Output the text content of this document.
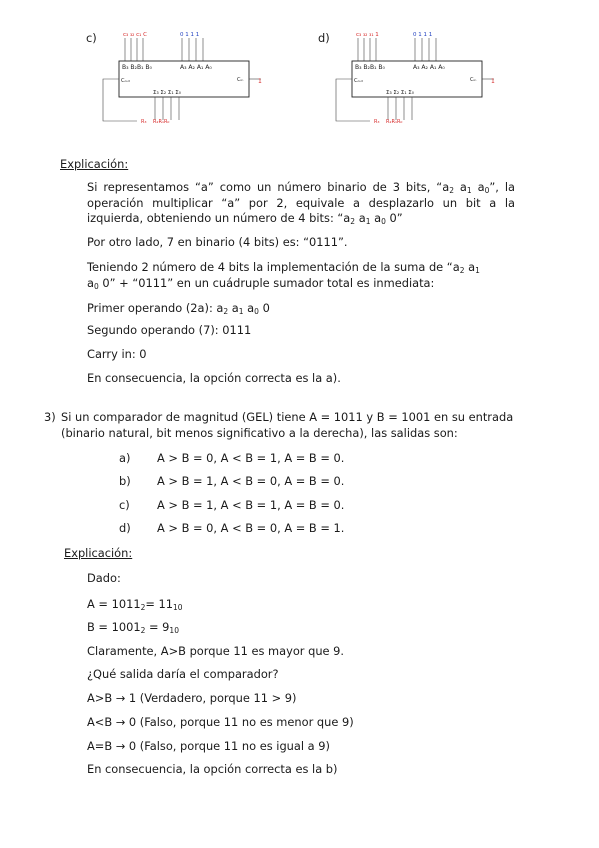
c)	c₃ ₃₂ c₁ C	0 1 1 1
B₃ B₂B₁ B₀	A₃ A₂ A₁ A₀
Cₒᵤₜ	Cᵢₙ
Σ₃ Σ₂ Σ₁ Σ₀
1
R₃ R₂R₁R₀
d)	c₃ ₃₂ ₃₁ 1	0 1 1 1
B₃ B₂B₁ B₀	A₃ A₂ A₁ A₀
Cₒᵤₜ	Cᵢₙ
Σ₃ Σ₂ Σ₁ Σ₀
1
R₃ R₂R₁R₀
Explicación:
Si representamos “a” como un número binario de 3 bits, “$a_2$ $a_1$ $a_0$”, la operación multiplicar “a” por 2, equivale a desplazarlo un bit a la izquierda, obteniendo un número de 4 bits: “$a_2$ $a_1$ $a_0$ 0”
Por otro lado, 7 en binario (4 bits) es: “0111”.
Teniendo 2 número de 4 bits la implementación de la suma de “$a_2$ $a_1$
$a_0$ 0” + “0111” en un cuádruple sumador total es inmediata:
Primer operando (2a): $a_2$ $a_1$ $a_0$ 0
Segundo operando (7): 0111
Carry in: 0
En consecuencia, la opción correcta es la a).
3) Si un comparador de magnitud (GEL) tiene A = 1011 y B = 1001 en su entrada
(binario natural, bit menos significativo a la derecha), las salidas son:
a) A > B = 0, A < B = 1, A = B = 0.
b) A > B = 1, A < B = 0, A = B = 0.
c) A > B = 1, A < B = 1, A = B = 0.
d) A > B = 0, A < B = 0, A = B = 1.
Explicación:
Dado:
$A = 1011_2= 11_{10}$
$B = 1001_2 = 9_{10}$
Claramente, A>B porque 11 es mayor que 9.
¿Qué salida daría el comparador?
A>B → 1 (Verdadero, porque 11 > 9)
A<B → 0 (Falso, porque 11 no es menor que 9)
A=B → 0 (Falso, porque 11 no es igual a 9)
En consecuencia, la opción correcta es la b)
